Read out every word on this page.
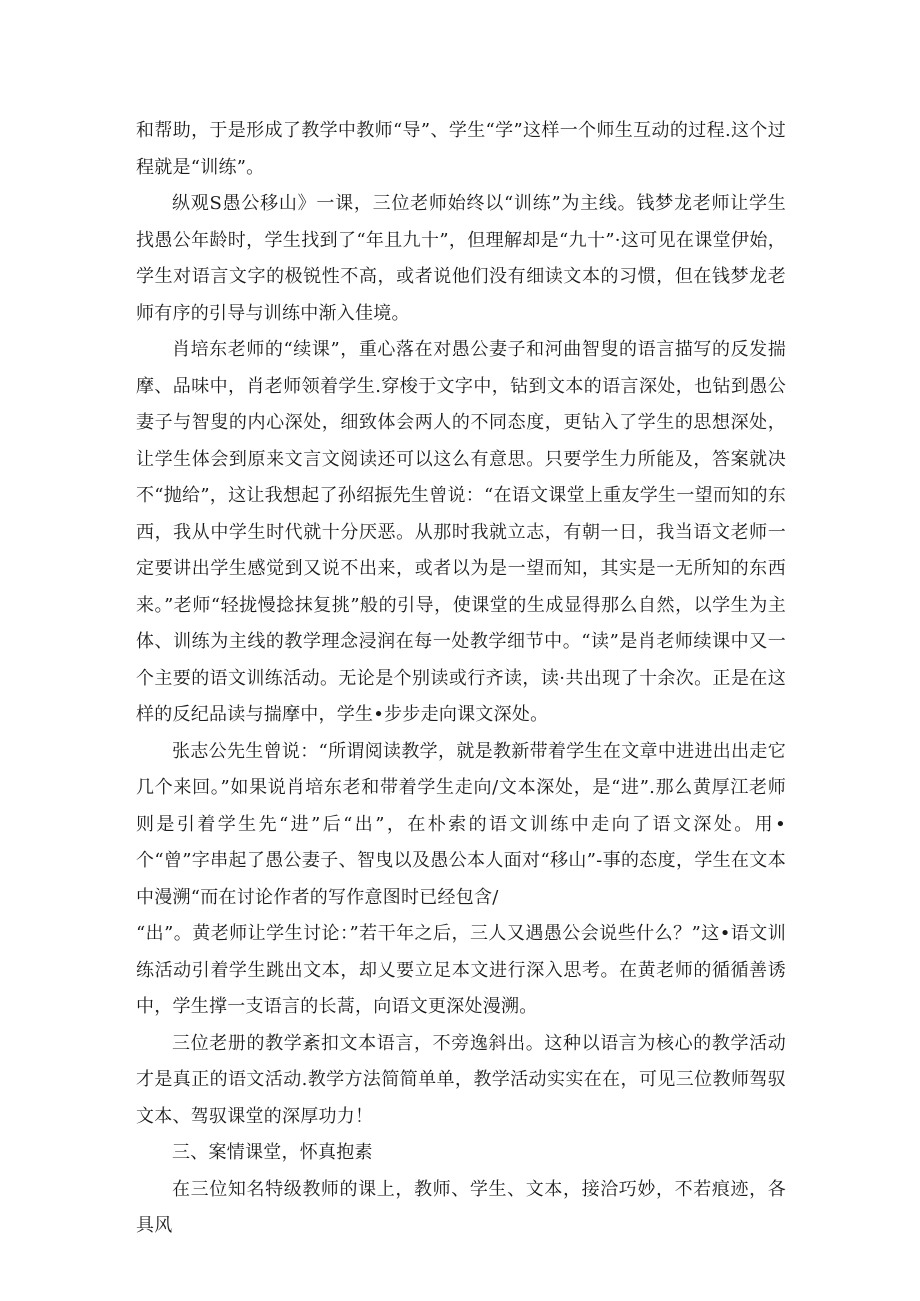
和帮助，于是形成了教学中教师“导”、学生“学”这样一个师生互动的过程.这个过程就是“训练”。

纵观S愚公移山》一课，三位老师始终以“训练”为主线。钱梦龙老师让学生找愚公年龄时，学生找到了“年且九十”，但理解却是“九十”·这可见在课堂伊始，学生对语言文字的极锐性不高，或者说他们没有细读文本的习惯，但在钱梦龙老师有序的引导与训练中渐入佳境。

肖培东老师的“续课”，重心落在对愚公妻子和河曲智叟的语言描写的反发揣摩、品味中，肖老师领着学生.穿梭于文字中，钻到文本的语言深处，也钻到愚公妻子与智叟的内心深处，细致体会两人的不同态度，更钻入了学生的思想深处，让学生体会到原来文言文阅读还可以这么有意思。只要学生力所能及，答案就决不“抛给”，这让我想起了孙绍振先生曾说：“在语文课堂上重友学生一望而知的东西，我从中学生时代就十分厌恶。从那时我就立志，有朝一日，我当语文老师一定要讲出学生感觉到又说不出来，或者以为是一望而知，其实是一无所知的东西来。”老师“轻拢慢捻抹复挑”般的引导，使课堂的生成显得那么自然，以学生为主体、训练为主线的教学理念浸润在每一处教学细节中。“读”是肖老师续课中又一个主要的语文训练活动。无论是个别读或行齐读，读·共出现了十余次。正是在这样的反纪品读与揣摩中，学生•步步走向课文深处。

张志公先生曾说：“所谓阅读教学，就是教新带着学生在文章中进进出出走它几个来回。”如果说肖培东老和带着学生走向/文本深处，是“进”.那么黄厚江老师则是引着学生先“进”后“出”，在朴索的语文训练中走向了语文深处。用•个“曾”字串起了愚公妻子、智曳以及愚公本人面对“移山”-事的态度，学生在文本中漫溯“而在讨论作者的写作意图时已经包含/

“出”。黄老师让学生讨论：”若干年之后，三人又遇愚公会说些什么？”这•语文训练活动引着学生跳出文本，却乂要立足本文进行深入思考。在黄老师的循循善诱中，学生撑一支语言的长蒿，向语文更深处漫溯。

三位老册的教学紊扣文本语言，不旁逸斜出。这种以语言为核心的教学活动才是真正的语文活动.教学方法简简单单，教学活动实实在在，可见三位教师驾驭文本、驾驭课堂的深厚功力！

三、案情课堂，怀真抱素

在三位知名特级教师的课上，教师、学生、文本，接洽巧妙，不若痕迹，各具风
